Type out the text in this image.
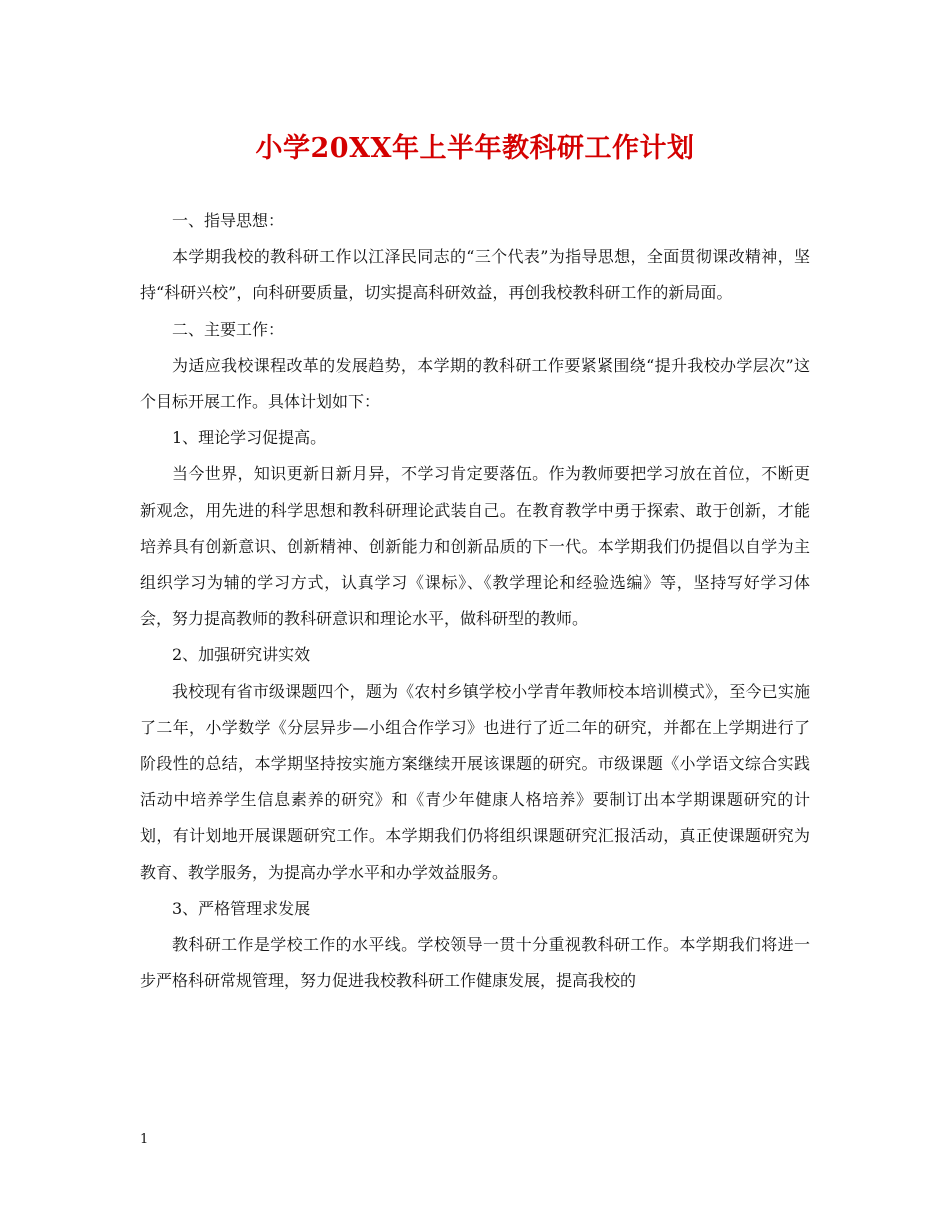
小学20XX年上半年教科研工作计划

一、指导思想：

本学期我校的教科研工作以江泽民同志的“三个代表”为指导思想，全面贯彻课改精神，坚持“科研兴校”，向科研要质量，切实提高科研效益，再创我校教科研工作的新局面。

二、主要工作：

为适应我校课程改革的发展趋势，本学期的教科研工作要紧紧围绕“提升我校办学层次”这个目标开展工作。具体计划如下：

1、理论学习促提高。

当今世界，知识更新日新月异，不学习肯定要落伍。作为教师要把学习放在首位，不断更新观念，用先进的科学思想和教科研理论武装自己。在教育教学中勇于探索、敢于创新，才能培养具有创新意识、创新精神、创新能力和创新品质的下一代。本学期我们仍提倡以自学为主组织学习为辅的学习方式，认真学习《课标》、《教学理论和经验选编》等，坚持写好学习体会，努力提高教师的教科研意识和理论水平，做科研型的教师。

2、加强研究讲实效

我校现有省市级课题四个，题为《农村乡镇学校小学青年教师校本培训模式》，至今已实施了二年，小学数学《分层异步—小组合作学习》也进行了近二年的研究，并都在上学期进行了阶段性的总结，本学期坚持按实施方案继续开展该课题的研究。市级课题《小学语文综合实践活动中培养学生信息素养的研究》和《青少年健康人格培养》要制订出本学期课题研究的计划，有计划地开展课题研究工作。本学期我们仍将组织课题研究汇报活动，真正使课题研究为教育、教学服务，为提高办学水平和办学效益服务。

3、严格管理求发展

教科研工作是学校工作的水平线。学校领导一贯十分重视教科研工作。本学期我们将进一步严格科研常规管理，努力促进我校教科研工作健康发展，提高我校的

1
